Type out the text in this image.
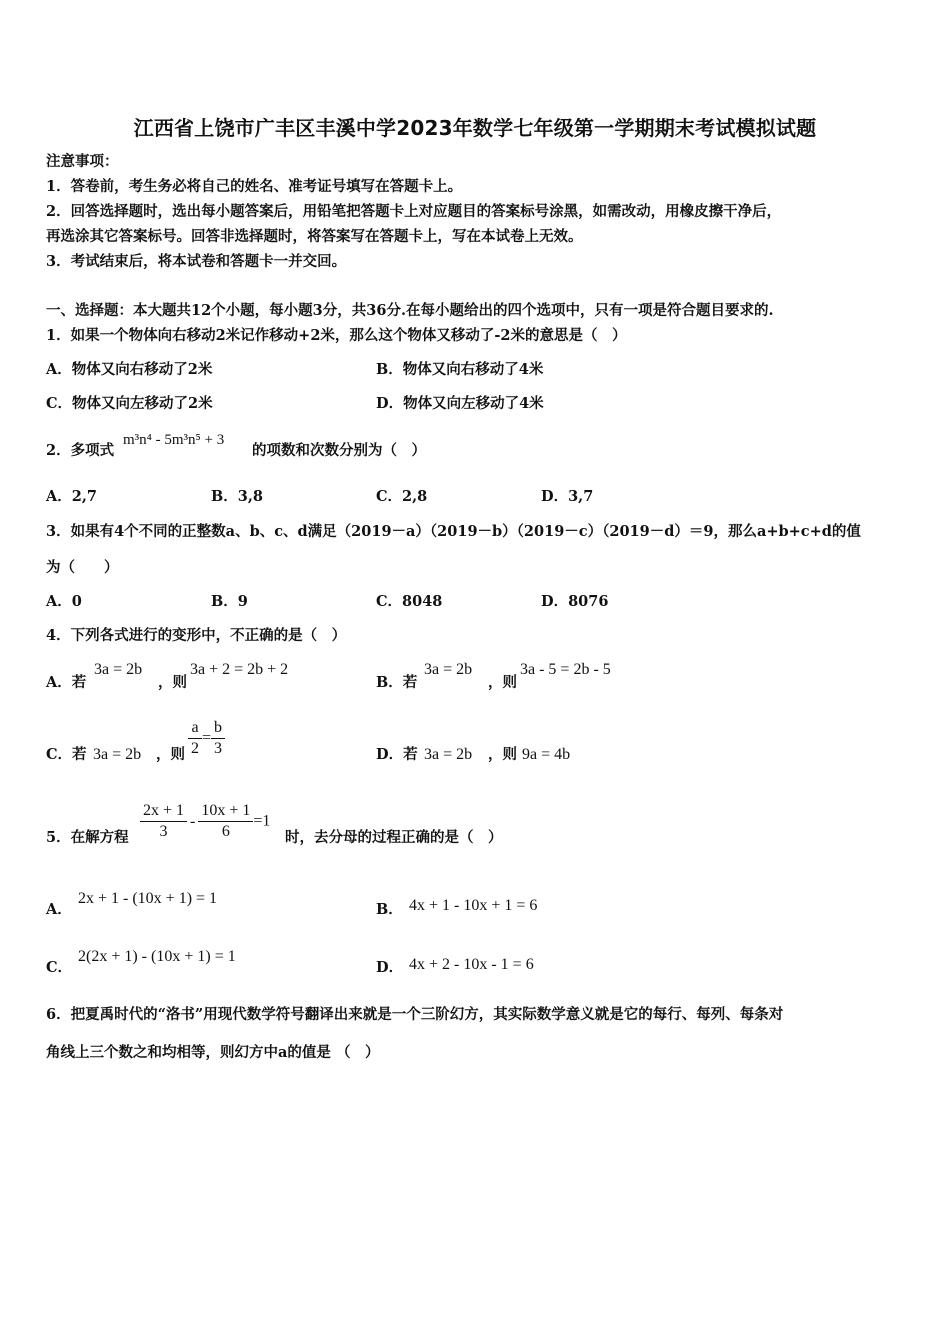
江西省上饶市广丰区丰溪中学2023年数学七年级第一学期期末考试模拟试题
注意事项：
1．答卷前，考生务必将自己的姓名、准考证号填写在答题卡上。
2．回答选择题时，选出每小题答案后，用铅笔把答题卡上对应题目的答案标号涂黑，如需改动，用橡皮擦干净后，
再选涂其它答案标号。回答非选择题时，将答案写在答题卡上，写在本试卷上无效。
3．考试结束后，将本试卷和答题卡一并交回。
一、选择题：本大题共12个小题，每小题3分，共36分.在每小题给出的四个选项中，只有一项是符合题目要求的.
1．如果一个物体向右移动2米记作移动+2米，那么这个物体又移动了-2米的意思是（　）
A．物体又向右移动了2米	B．物体又向右移动了4米
C．物体又向左移动了2米	D．物体又向左移动了4米
2．多项式
m³n⁴ - 5m³n⁵ + 3
的项数和次数分别为（　）
A．2,7	B．3,8	C．2,8	D．3,7
3．如果有4个不同的正整数a、b、c、d满足（2019－a）（2019－b）（2019－c）（2019－d）＝9，那么a+b+c+d的值
为（　　）
A．0	B．9	C．8048	D．8076
4．下列各式进行的变形中，不正确的是（　）
A．若
3a = 2b
，则
3a + 2 = 2b + 2
B．若
3a = 2b
，则
3a - 5 = 2b - 5
C．若 3a = 2b ，则 $\frac{a}{2} = \frac{b}{3}$	D．若 3a = 2b ，则 9a = 4b
5．在解方程 $\frac{2x + 1}{3} - \frac{10x + 1}{6} =1$
时，去分母的过程正确的是（　）
A．
2x + 1 - (10x + 1) = 1
B． 4x + 1 - 10x + 1 = 6
C．
2(2x + 1) - (10x + 1) = 1
D． 4x + 2 - 10x - 1 = 6
6．把夏禹时代的“洛书”用现代数学符号翻译出来就是一个三阶幻方，其实际数学意义就是它的每行、每列、每条对
角线上三个数之和均相等，则幻方中a的值是 （　）
